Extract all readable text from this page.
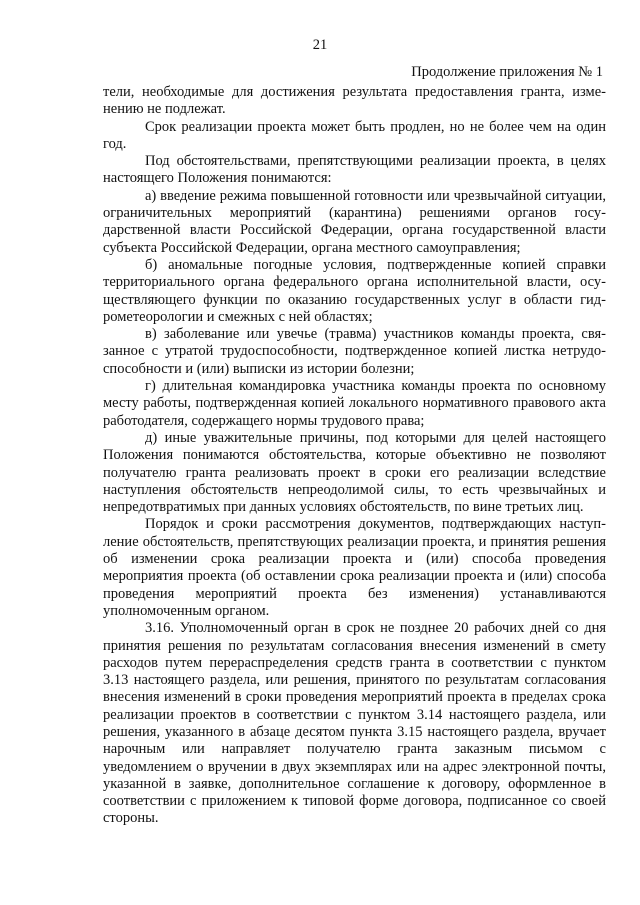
21
Продолжение приложения № 1

тели, необходимые для достижения результата предоставления гранта, изменению не подлежат.

Срок реализации проекта может быть продлен, но не более чем на один год.

Под обстоятельствами, препятствующими реализации проекта, в целях настоящего Положения понимаются:

а) введение режима повышенной готовности или чрезвычайной ситуации, ограничительных мероприятий (карантина) решениями органов государственной власти Российской Федерации, органа государственной власти субъекта Российской Федерации, органа местного самоуправления;

б) аномальные погодные условия, подтвержденные копией справки территориального органа федерального органа исполнительной власти, осуществляющего функции по оказанию государственных услуг в области гидрометеорологии и смежных с ней областях;

в) заболевание или увечье (травма) участников команды проекта, связанное с утратой трудоспособности, подтвержденное копией листка нетрудоспособности и (или) выписки из истории болезни;

г) длительная командировка участника команды проекта по основному месту работы, подтвержденная копией локального нормативного правового акта работодателя, содержащего нормы трудового права;

д) иные уважительные причины, под которыми для целей настоящего Положения понимаются обстоятельства, которые объективно не позволяют получателю гранта реализовать проект в сроки его реализации вследствие наступления обстоятельств непреодолимой силы, то есть чрезвычайных и непредотвратимых при данных условиях обстоятельств, по вине третьих лиц.

Порядок и сроки рассмотрения документов, подтверждающих наступление обстоятельств, препятствующих реализации проекта, и принятия решения об изменении срока реализации проекта и (или) способа проведения мероприятия проекта (об оставлении срока реализации проекта и (или) способа проведения мероприятий проекта без изменения) устанавливаются уполномоченным органом.

3.16. Уполномоченный орган в срок не позднее 20 рабочих дней со дня принятия решения по результатам согласования внесения изменений в смету расходов путем перераспределения средств гранта в соответствии с пунктом 3.13 настоящего раздела, или решения, принятого по результатам согласования внесения изменений в сроки проведения мероприятий проекта в пределах срока реализации проектов в соответствии с пунктом 3.14 настоящего раздела, или решения, указанного в абзаце десятом пункта 3.15 настоящего раздела, вручает нарочным или направляет получателю гранта заказным письмом с уведомлением о вручении в двух экземплярах или на адрес электронной почты, указанной в заявке, дополнительное соглашение к договору, оформленное в соответствии с приложением к типовой форме договора, подписанное со своей стороны.
